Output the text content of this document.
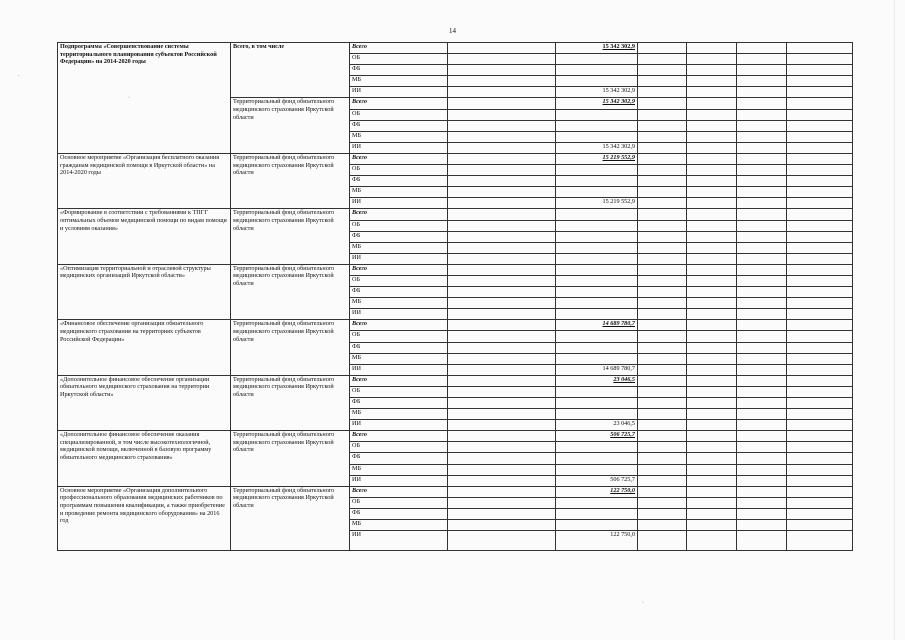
14
Подпрограмма «Совершенствование системы территориального планирования субъектов Российской Федерации» на 2014-2020 годы	Всего, в том числе	Всего		15 342 302,9				
		ОБ						
		ФБ						
		МБ						
		ИИ		15 342 302,9				
	Территориальный фонд обязательного медицинского страхования Иркутской области	Всего		15 342 302,9				
		ОБ						
		ФБ						
		МБ						
		ИИ		15 342 302,9				
Основное мероприятие «Организация бесплатного оказания гражданам медицинской помощи в Иркутской области» на 2014-2020 годы	Территориальный фонд обязательного медицинского страхования Иркутской области	Всего		15 219 552,9				
		ОБ						
		ФБ						
		МБ						
		ИИ		15 219 552,9				
«Формирование в соответствии с требованиями к ТПГГ оптимальных объемов медицинской помощи по видам помощи и условиям оказания»	Территориальный фонд обязательного медицинского страхования Иркутской области	Всего						
		ОБ						
		ФБ						
		МБ						
		ИИ						
«Оптимизация территориальной и отраслевой структуры медицинских организаций Иркутской области»	Территориальный фонд обязательного медицинского страхования Иркутской области	Всего						
		ОБ						
		ФБ						
		МБ						
		ИИ						
«Финансовое обеспечение организации обязательного медицинского страхования на территориях субъектов Российской Федерации»	Территориальный фонд обязательного медицинского страхования Иркутской области	Всего		14 689 780,7				
		ОБ						
		ФБ						
		МБ						
		ИИ		14 689 780,7				
«Дополнительное финансовое обеспечение организации обязательного медицинского страхования на территории Иркутской области»	Территориальный фонд обязательного медицинского страхования Иркутской области	Всего		23 046,5				
		ОБ						
		ФБ						
		МБ						
		ИИ		23 046,5				
«Дополнительное финансовое обеспечение оказания специализированной, в том числе высокотехнологичной, медицинской помощи, включенной в базовую программу обязательного медицинского страхования»	Территориальный фонд обязательного медицинского страхования Иркутской области	Всего		506 725,7				
		ОБ						
		ФБ						
		МБ						
		ИИ		506 725,7				
Основное мероприятие «Организация дополнительного профессионального образования медицинских работников по программам повышения квалификации, а также приобретение и проведение ремонта медицинского оборудования» на 2016 год	Территориальный фонд обязательного медицинского страхования Иркутской области	Всего		122 750,0				
		ОБ						
		ФБ						
		МБ						
		ИИ		122 750,0				
.
·
·
